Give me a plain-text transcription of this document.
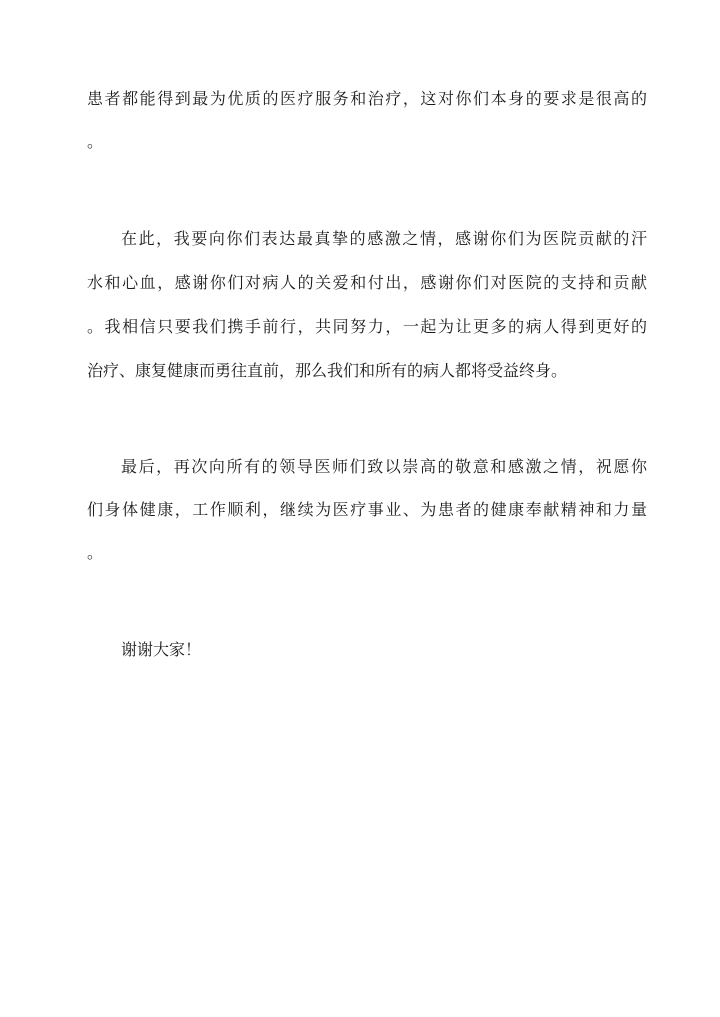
患者都能得到最为优质的医疗服务和治疗，这对你们本身的要求是很高的
。
在此，我要向你们表达最真挚的感激之情，感谢你们为医院贡献的汗
水和心血，感谢你们对病人的关爱和付出，感谢你们对医院的支持和贡献
。我相信只要我们携手前行，共同努力，一起为让更多的病人得到更好的
治疗、康复健康而勇往直前，那么我们和所有的病人都将受益终身。
最后，再次向所有的领导医师们致以崇高的敬意和感激之情，祝愿你
们身体健康，工作顺利，继续为医疗事业、为患者的健康奉献精神和力量
。
谢谢大家！
